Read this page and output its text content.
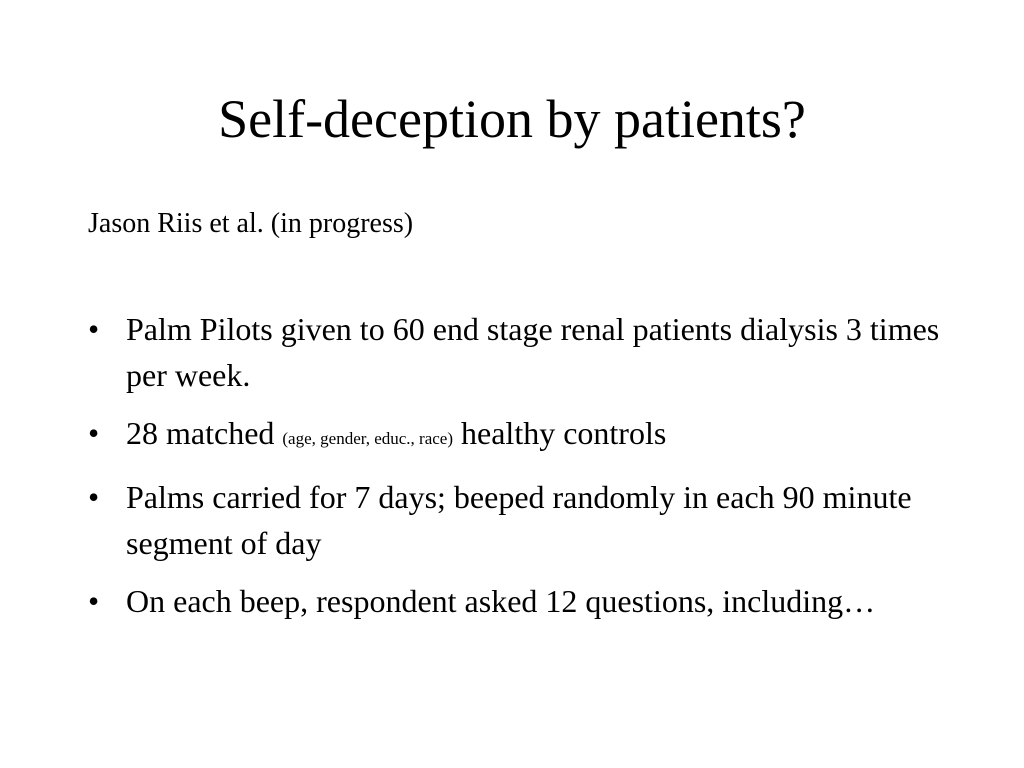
Self-deception by patients?
Jason Riis et al. (in progress)
• Palm Pilots given to 60 end stage renal patients dialysis 3 times per week.
• 28 matched (age, gender, educ., race) healthy controls
• Palms carried for 7 days; beeped randomly in each 90 minute segment of day
• On each beep, respondent asked 12 questions, including…
